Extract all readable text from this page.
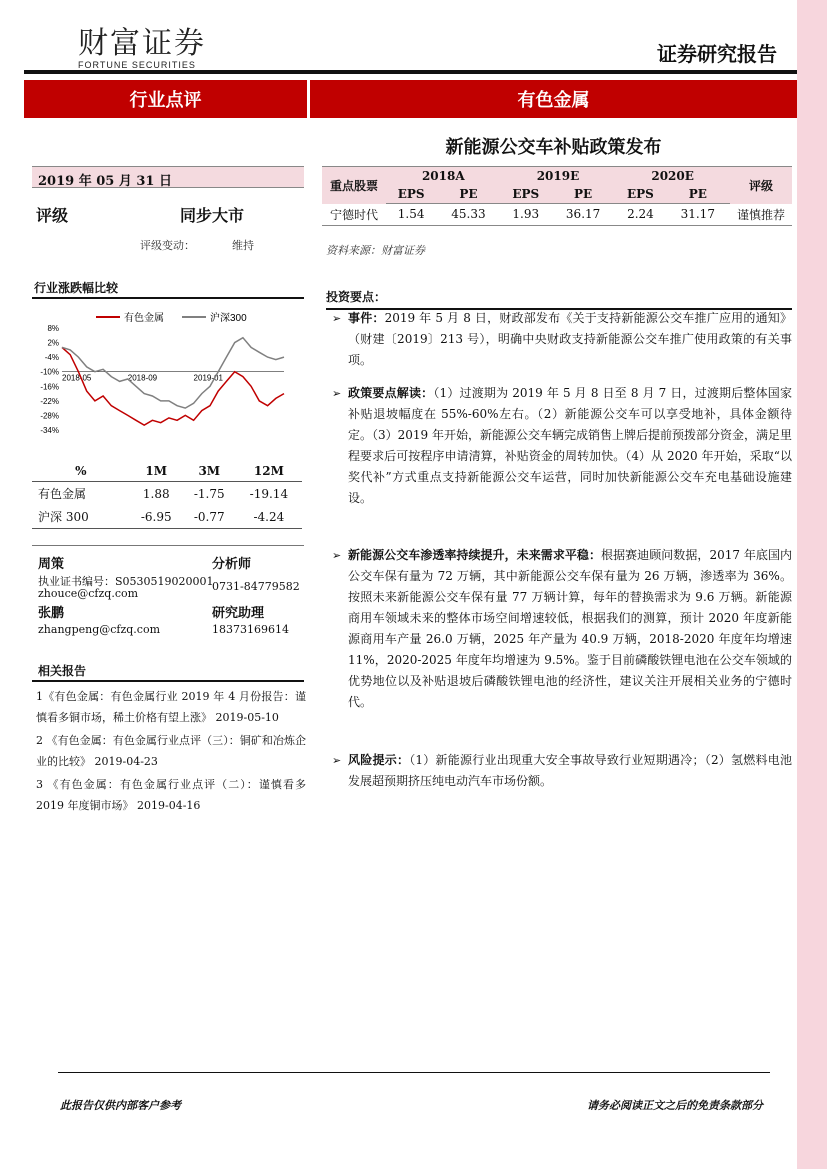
财富证券
FORTUNE SECURITIES	证券研究报告
行业点评	有色金属
新能源公交车补贴政策发布
2019 年 05 月 31 日
评级	同步大市
评级变动：	维持
重点股票	2018A		2019E		2020E		评级
	EPS	PE	EPS	PE	EPS	PE	
宁德时代	1.54	45.33	1.93	36.17	2.24	31.17	谨慎推荐
资料来源：财富证券
行业涨跌幅比较
有色金属	沪深300
8%
2%
-4%
-10%
-16%
-22%
-28%
-34%
2018-05	2018-09	2019-01
%	1M	3M	12M
有色金属	1.88	-1.75	-19.14
沪深 300	-6.95	-0.77	-4.24
周策
执业证书编号：S0530519020001
zhouce@cfzq.com
分析师
0731-84779582
张鹏
zhangpeng@cfzq.com
研究助理
18373169614
相关报告

1《有色金属：有色金属行业 2019 年 4 月份报告：谨慎看多铜市场，稀土价格有望上涨》 2019-05-10

2 《有色金属：有色金属行业点评（三）：铜矿和冶炼企业的比较》 2019-04-23

3 《有色金属：有色金属行业点评（二）：谨慎看多 2019 年度铜市场》 2019-04-16

投资要点：
➢ 事件：2019 年 5 月 8 日，财政部发布《关于支持新能源公交车推广应用的通知》（财建〔2019〕213 号），明确中央财政支持新能源公交车推广使用政策的有关事项。
➢ 政策要点解读：（1）过渡期为 2019 年 5 月 8 日至 8 月 7 日，过渡期后整体国家补贴退坡幅度在 55%-60%左右。（2）新能源公交车可以享受地补，具体金额待定。（3）2019 年开始，新能源公交车辆完成销售上牌后提前预拨部分资金，满足里程要求后可按程序申请清算，补贴资金的周转加快。（4）从 2020 年开始，采取“以奖代补”方式重点支持新能源公交车运营，同时加快新能源公交车充电基础设施建设。
➢ 新能源公交车渗透率持续提升，未来需求平稳：根据赛迪顾问数据，2017 年底国内公交车保有量为 72 万辆，其中新能源公交车保有量为 26 万辆，渗透率为 36%。按照未来新能源公交车保有量 77 万辆计算，每年的替换需求为 9.6 万辆。新能源商用车领域未来的整体市场空间增速较低，根据我们的测算，预计 2020 年度新能源商用车产量 26.0 万辆，2025 年产量为 40.9 万辆，2018-2020 年度年均增速 11%，2020-2025 年度年均增速为 9.5%。鉴于目前磷酸铁锂电池在公交车领域的优势地位以及补贴退坡后磷酸铁锂电池的经济性，建议关注开展相关业务的宁德时代。
➢ 风险提示：（1）新能源行业出现重大安全事故导致行业短期遇冷；（2）氢燃料电池发展超预期挤压纯电动汽车市场份额。
此报告仅供内部客户参考	请务必阅读正文之后的免责条款部分
